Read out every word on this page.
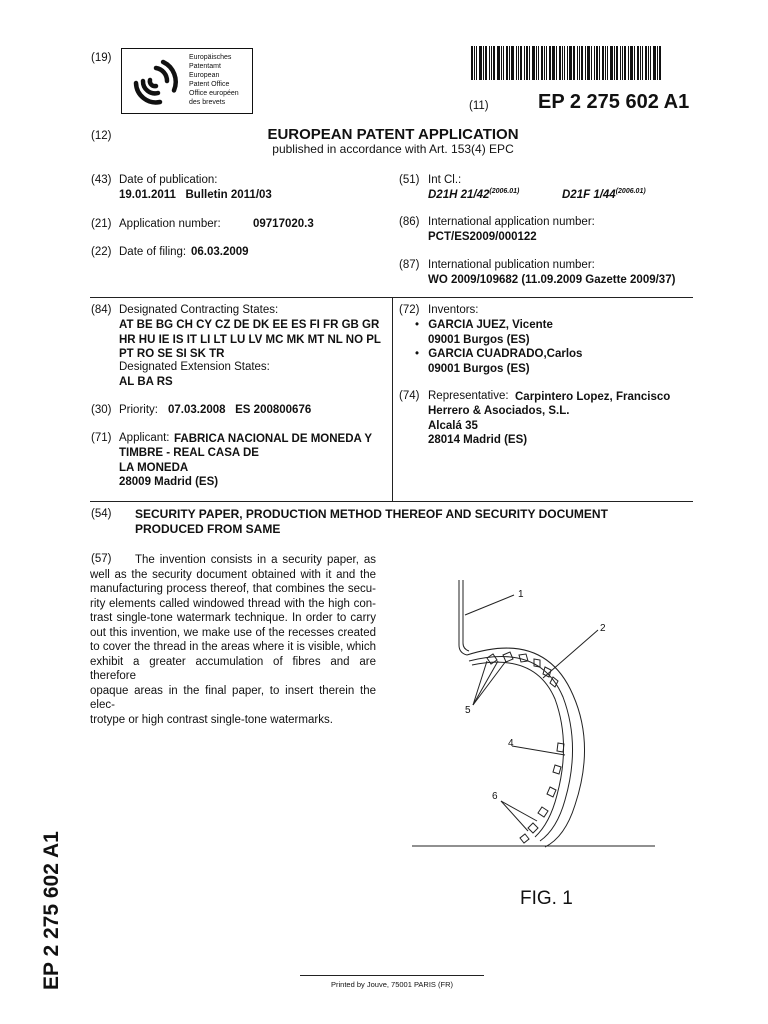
(19)	Europäisches
Patentamt
European
Patent Office
Office européen
des brevets	(11) EP 2 275 602 A1
(12)	EUROPEAN PATENT APPLICATION
published in accordance with Art. 153(4) EPC
(43) Date of publication:
19.01.2011   Bulletin 2011/03
(21) Application number:	09717020.3
(22) Date of filing: 06.03.2009
(51) Int Cl.:
D21H $21/42^{(2006.01)}$	D21F $1/44^{(2006.01)}$
(86) International application number:
PCT/ES2009/000122
(87) International publication number:
WO 2009/109682 (11.09.2009 Gazette 2009/37)
(84) Designated Contracting States:
AT BE BG CH CY CZ DE DK EE ES FI FR GB GR
HR HU IE IS IT LI LT LU LV MC MK MT NL NO PL
PT RO SE SI SK TR
Designated Extension States:
AL BA RS
(30) Priority: 07.03.2008   ES 200800676
(71) Applicant: FABRICA NACIONAL DE MONEDA Y
TIMBRE - REAL CASA DE
LA MONEDA
28009 Madrid (ES)
(72) Inventors:
• GARCIA JUEZ, Vicente
09001 Burgos (ES)
• GARCIA CUADRADO,Carlos
09001 Burgos (ES)
(74) Representative: Carpintero Lopez, Francisco
Herrero & Asociados, S.L.
Alcalá 35
28014 Madrid (ES)
(54) SECURITY PAPER, PRODUCTION METHOD THEREOF AND SECURITY DOCUMENT
PRODUCED FROM SAME
(57)	The invention consists in a security paper, as
well as the security document obtained with it and the
manufacturing process thereof, that combines the secu-
rity elements called windowed thread with the high con-
trast single-tone watermark technique. In order to carry
out this invention, we make use of the recesses created
to cover the thread in the areas where it is visible, which
exhibit a greater accumulation of fibres and are therefore
opaque areas in the final paper, to insert therein the elec-
trotype or high contrast single-tone watermarks.
1
2
5
4
6
FIG. 1
EP 2 275 602 A1	Printed by Jouve, 75001 PARIS (FR)
